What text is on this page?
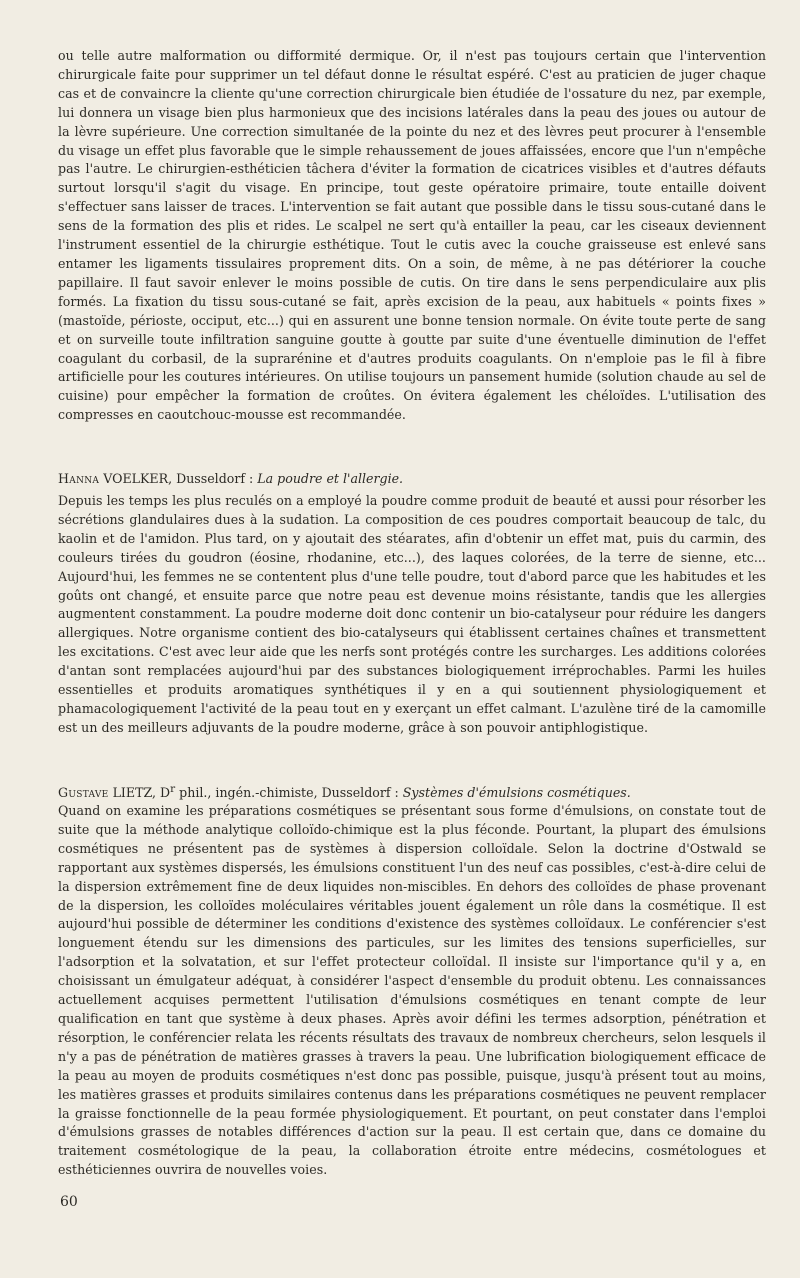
ou telle autre malformation ou difformité dermique. Or, il n'est pas toujours certain que l'intervention chirurgicale faite pour supprimer un tel défaut donne le résultat espéré. C'est au praticien de juger chaque cas et de convaincre la cliente qu'une correction chirurgicale bien étudiée de l'ossature du nez, par exemple, lui donnera un visage bien plus harmonieux que des incisions latérales dans la peau des joues ou autour de la lèvre supérieure. Une correction simultanée de la pointe du nez et des lèvres peut procurer à l'ensemble du visage un effet plus favorable que le simple rehaussement de joues affaissées, encore que l'un n'empêche pas l'autre. Le chirurgien-esthéticien tâchera d'éviter la formation de cicatrices visibles et d'autres défauts surtout lorsqu'il s'agit du visage. En principe, tout geste opératoire primaire, toute entaille doivent s'effectuer sans laisser de traces. L'intervention se fait autant que possible dans le tissu sous-cutané dans le sens de la formation des plis et rides. Le scalpel ne sert qu'à entailler la peau, car les ciseaux deviennent l'instrument essentiel de la chirurgie esthétique. Tout le cutis avec la couche graisseuse est enlevé sans entamer les ligaments tissulaires proprement dits. On a soin, de même, à ne pas détériorer la couche papillaire. Il faut savoir enlever le moins possible de cutis. On tire dans le sens perpendiculaire aux plis formés. La fixation du tissu sous-cutané se fait, après excision de la peau, aux habituels « points fixes » (mastoïde, périoste, occiput, etc...) qui en assurent une bonne tension normale. On évite toute perte de sang et on surveille toute infiltration sanguine goutte à goutte par suite d'une éventuelle diminution de l'effet coagulant du corbasil, de la suprarénine et d'autres produits coagulants. On n'emploie pas le fil à fibre artificielle pour les coutures intérieures. On utilise toujours un pansement humide (solution chaude au sel de cuisine) pour empêcher la formation de croûtes. On évitera également les chéloïdes. L'utilisation des compresses en caoutchouc-mousse est recommandée.
Hanna VOELKER, Dusseldorf : La poudre et l'allergie.
Depuis les temps les plus reculés on a employé la poudre comme produit de beauté et aussi pour résorber les sécrétions glandulaires dues à la sudation. La composition de ces poudres comportait beaucoup de talc, du kaolin et de l'amidon. Plus tard, on y ajoutait des stéarates, afin d'obtenir un effet mat, puis du carmin, des couleurs tirées du goudron (éosine, rhodanine, etc...), des laques colorées, de la terre de sienne, etc... Aujourd'hui, les femmes ne se contentent plus d'une telle poudre, tout d'abord parce que les habitudes et les goûts ont changé, et ensuite parce que notre peau est devenue moins résistante, tandis que les allergies augmentent constamment. La poudre moderne doit donc contenir un bio-catalyseur pour réduire les dangers allergiques. Notre organisme contient des bio-catalyseurs qui établissent certaines chaînes et transmettent les excitations. C'est avec leur aide que les nerfs sont protégés contre les surcharges. Les additions colorées d'antan sont remplacées aujourd'hui par des substances biologiquement irréprochables. Parmi les huiles essentielles et produits aromatiques synthétiques il y en a qui soutiennent physiologiquement et phamacologiquement l'activité de la peau tout en y exerçant un effet calmant. L'azulène tiré de la camomille est un des meilleurs adjuvants de la poudre moderne, grâce à son pouvoir antiphlogistique.
Gustave LIETZ, $D^r$ phil., ingén.-chimiste, Dusseldorf : Systèmes d'émulsions cosmétiques.
Quand on examine les préparations cosmétiques se présentant sous forme d'émulsions, on constate tout de suite que la méthode analytique colloïdo-chimique est la plus féconde. Pourtant, la plupart des émulsions cosmétiques ne présentent pas de systèmes à dispersion colloïdale. Selon la doctrine d'Ostwald se rapportant aux systèmes dispersés, les émulsions constituent l'un des neuf cas possibles, c'est-à-dire celui de la dispersion extrêmement fine de deux liquides non-miscibles. En dehors des colloïdes de phase provenant de la dispersion, les colloïdes moléculaires véritables jouent également un rôle dans la cosmétique. Il est aujourd'hui possible de déterminer les conditions d'existence des systèmes colloïdaux. Le conférencier s'est longuement étendu sur les dimensions des particules, sur les limites des tensions superficielles, sur l'adsorption et la solvatation, et sur l'effet protecteur colloïdal. Il insiste sur l'importance qu'il y a, en choisissant un émulgateur adéquat, à considérer l'aspect d'ensemble du produit obtenu. Les connaissances actuellement acquises permettent l'utilisation d'émulsions cosmétiques en tenant compte de leur qualification en tant que système à deux phases. Après avoir défini les termes adsorption, pénétration et résorption, le conférencier relata les récents résultats des travaux de nombreux chercheurs, selon lesquels il n'y a pas de pénétration de matières grasses à travers la peau. Une lubrification biologiquement efficace de la peau au moyen de produits cosmétiques n'est donc pas possible, puisque, jusqu'à présent tout au moins, les matières grasses et produits similaires contenus dans les préparations cosmétiques ne peuvent remplacer la graisse fonctionnelle de la peau formée physiologiquement. Et pourtant, on peut constater dans l'emploi d'émulsions grasses de notables différences d'action sur la peau. Il est certain que, dans ce domaine du traitement cosmétologique de la peau, la collaboration étroite entre médecins, cosmétologues et esthéticiennes ouvrira de nouvelles voies.
60
